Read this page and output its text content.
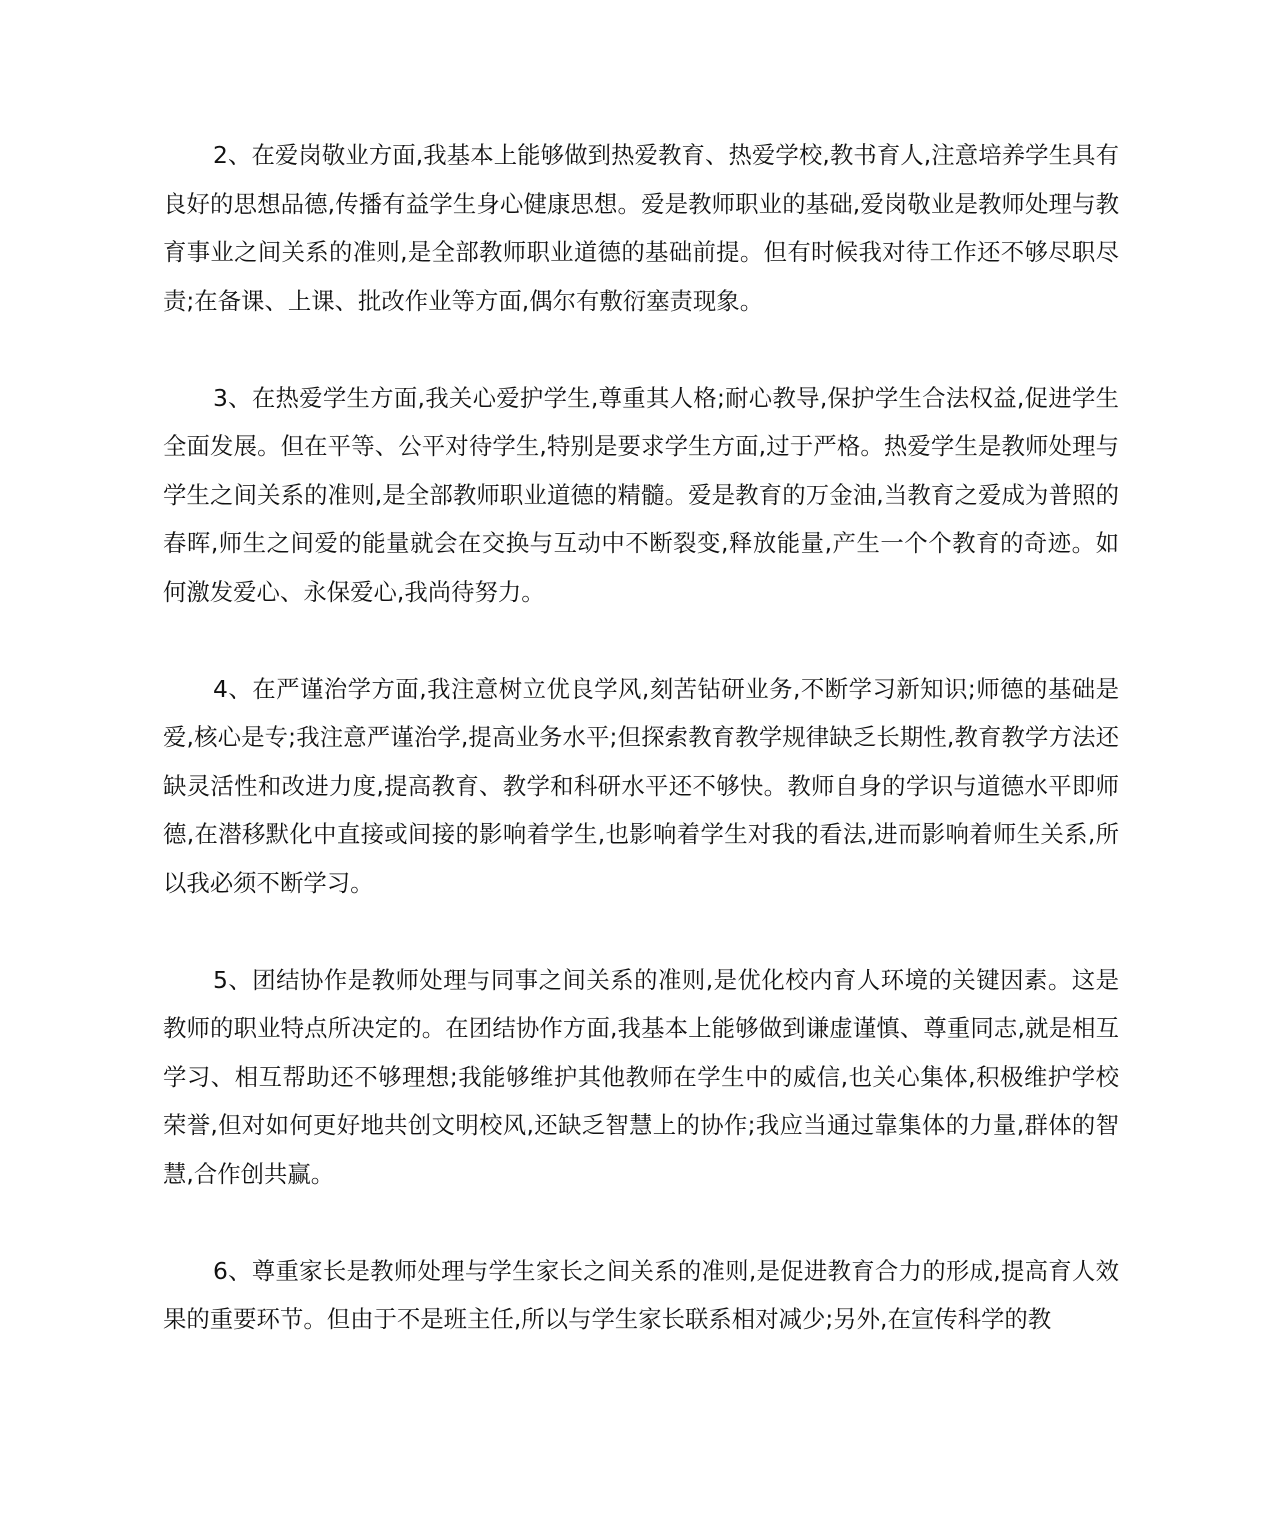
2、在爱岗敬业方面,我基本上能够做到热爱教育、热爱学校,教书育人,注意培养学生具有良好的思想品德,传播有益学生身心健康思想。爱是教师职业的基础,爱岗敬业是教师处理与教育事业之间关系的准则,是全部教师职业道德的基础前提。但有时候我对待工作还不够尽职尽责;在备课、上课、批改作业等方面,偶尔有敷衍塞责现象。

3、在热爱学生方面,我关心爱护学生,尊重其人格;耐心教导,保护学生合法权益,促进学生全面发展。但在平等、公平对待学生,特别是要求学生方面,过于严格。热爱学生是教师处理与学生之间关系的准则,是全部教师职业道德的精髓。爱是教育的万金油,当教育之爱成为普照的春晖,师生之间爱的能量就会在交换与互动中不断裂变,释放能量,产生一个个教育的奇迹。如何激发爱心、永保爱心,我尚待努力。

4、在严谨治学方面,我注意树立优良学风,刻苦钻研业务,不断学习新知识;师德的基础是爱,核心是专;我注意严谨治学,提高业务水平;但探索教育教学规律缺乏长期性,教育教学方法还缺灵活性和改进力度,提高教育、教学和科研水平还不够快。教师自身的学识与道德水平即师德,在潜移默化中直接或间接的影响着学生,也影响着学生对我的看法,进而影响着师生关系,所以我必须不断学习。

5、团结协作是教师处理与同事之间关系的准则,是优化校内育人环境的关键因素。这是教师的职业特点所决定的。在团结协作方面,我基本上能够做到谦虚谨慎、尊重同志,就是相互学习、相互帮助还不够理想;我能够维护其他教师在学生中的威信,也关心集体,积极维护学校荣誉,但对如何更好地共创文明校风,还缺乏智慧上的协作;我应当通过靠集体的力量,群体的智慧,合作创共赢。

6、尊重家长是教师处理与学生家长之间关系的准则,是促进教育合力的形成,提高育人效果的重要环节。但由于不是班主任,所以与学生家长联系相对减少;另外,在宣传科学的教
